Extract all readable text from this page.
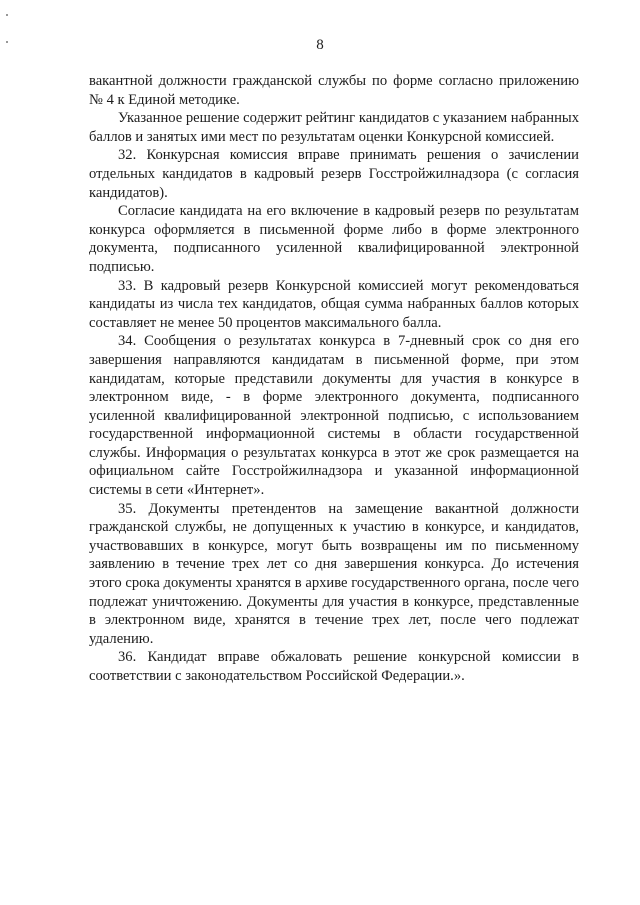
8

вакантной должности гражданской службы по форме согласно приложению № 4 к Единой методике.

Указанное решение содержит рейтинг кандидатов с указанием набранных баллов и занятых ими мест по результатам оценки Конкурсной комиссией.

32. Конкурсная комиссия вправе принимать решения о зачислении отдельных кандидатов в кадровый резерв Госстройжилнадзора (с согласия кандидатов).

Согласие кандидата на его включение в кадровый резерв по результатам конкурса оформляется в письменной форме либо в форме электронного документа, подписанного усиленной квалифицированной электронной подписью.

33. В кадровый резерв Конкурсной комиссией могут рекомендоваться кандидаты из числа тех кандидатов, общая сумма набранных баллов которых составляет не менее 50 процентов максимального балла.

34. Сообщения о результатах конкурса в 7-дневный срок со дня его завершения направляются кандидатам в письменной форме, при этом кандидатам, которые представили документы для участия в конкурсе в электронном виде, - в форме электронного документа, подписанного усиленной квалифицированной электронной подписью, с использованием государственной информационной системы в области государственной службы. Информация о результатах конкурса в этот же срок размещается на официальном сайте Госстройжилнадзора и указанной информационной системы в сети «Интернет».

35. Документы претендентов на замещение вакантной должности гражданской службы, не допущенных к участию в конкурсе, и кандидатов, участвовавших в конкурсе, могут быть возвращены им по письменному заявлению в течение трех лет со дня завершения конкурса. До истечения этого срока документы хранятся в архиве государственного органа, после чего подлежат уничтожению. Документы для участия в конкурсе, представленные в электронном виде, хранятся в течение трех лет, после чего подлежат удалению.

36. Кандидат вправе обжаловать решение конкурсной комиссии в соответствии с законодательством Российской Федерации.».
